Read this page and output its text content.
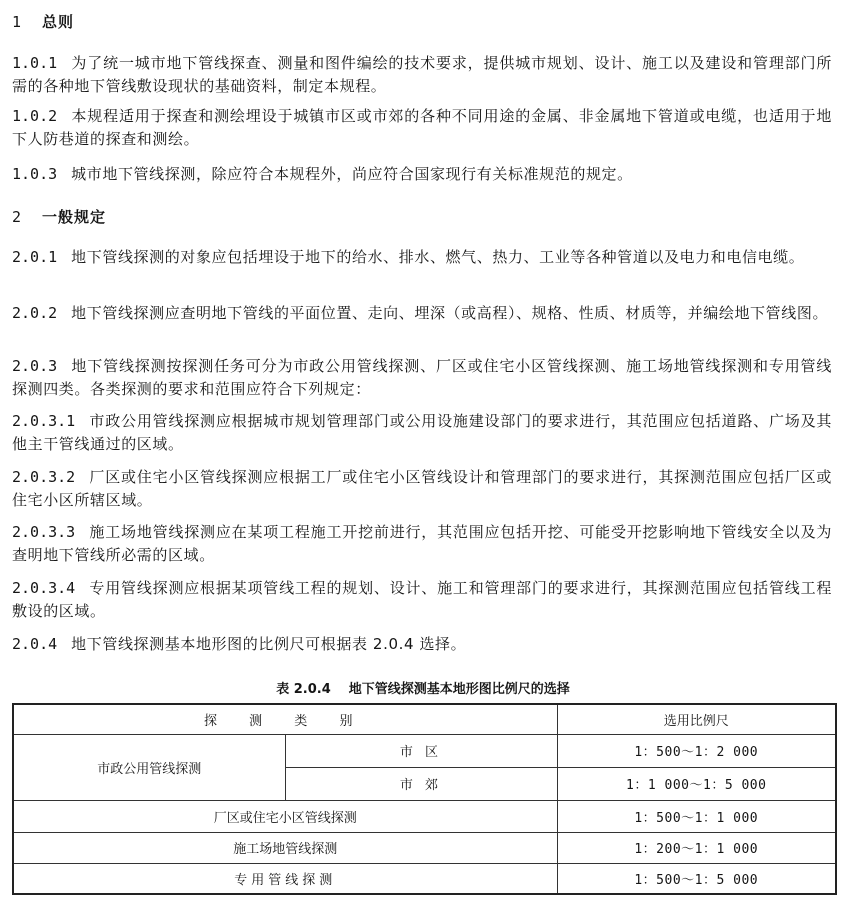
1 总则
1.0.1 为了统一城市地下管线探查、测量和图件编绘的技术要求，提供城市规划、设计、施工以及建设和管理部门所需的各种地下管线敷设现状的基础资料，制定本规程。
1.0.2 本规程适用于探查和测绘埋设于城镇市区或市郊的各种不同用途的金属、非金属地下管道或电缆，也适用于地下人防巷道的探查和测绘。
1.0.3 城市地下管线探测，除应符合本规程外，尚应符合国家现行有关标准规范的规定。
2 一般规定
2.0.1 地下管线探测的对象应包括埋设于地下的给水、排水、燃气、热力、工业等各种管道以及电力和电信电缆。
2.0.2 地下管线探测应查明地下管线的平面位置、走向、埋深（或高程）、规格、性质、材质等，并编绘地下管线图。
2.0.3 地下管线探测按探测任务可分为市政公用管线探测、厂区或住宅小区管线探测、施工场地管线探测和专用管线探测四类。各类探测的要求和范围应符合下列规定：
2.0.3.1 市政公用管线探测应根据城市规划管理部门或公用设施建设部门的要求进行，其范围应包括道路、广场及其他主干管线通过的区域。
2.0.3.2 厂区或住宅小区管线探测应根据工厂或住宅小区管线设计和管理部门的要求进行，其探测范围应包括厂区或住宅小区所辖区域。
2.0.3.3 施工场地管线探测应在某项工程施工开挖前进行，其范围应包括开挖、可能受开挖影响地下管线安全以及为查明地下管线所必需的区域。
2.0.3.4 专用管线探测应根据某项管线工程的规划、设计、施工和管理部门的要求进行，其探测范围应包括管线工程敷设的区域。
2.0.4 地下管线探测基本地形图的比例尺可根据表 2.0.4 选择。
表 2.0.4 地下管线探测基本地形图比例尺的选择
探 测 类 别		选用比例尺
市政公用管线探测	市 区	1：500～1：2 000
	市 郊	1：1 000～1：5 000
厂区或住宅小区管线探测		1：500～1：1 000
施工场地管线探测		1：200～1：1 000
专用管线探测		1：500～1：5 000
